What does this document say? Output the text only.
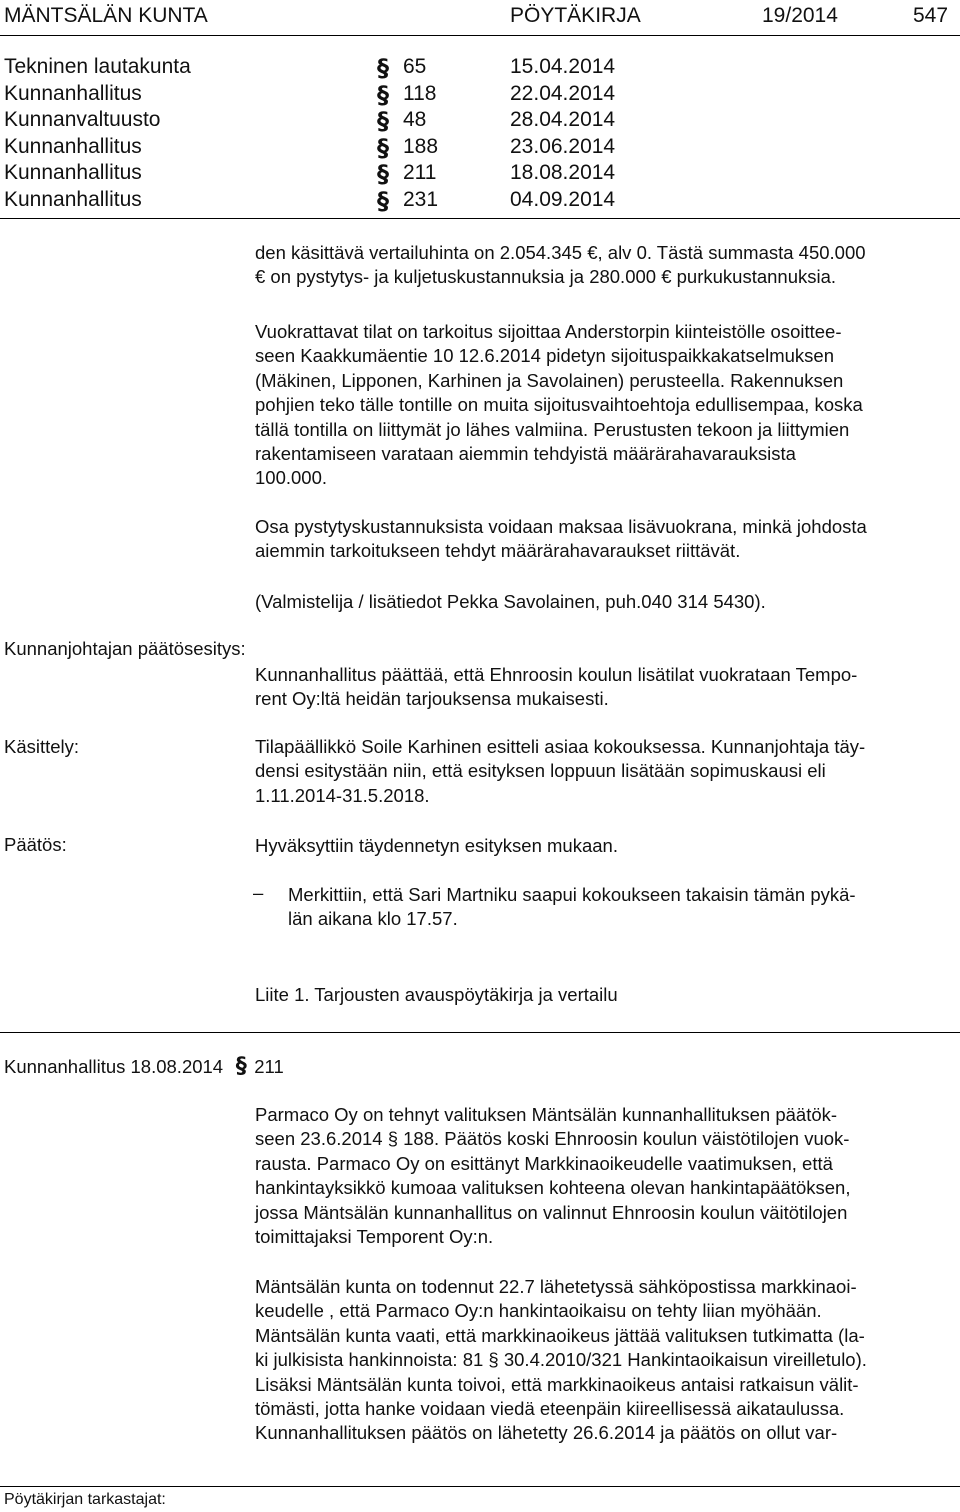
MÄNTSÄLÄN KUNTA	PÖYTÄKIRJA	19/2014	547
Tekninen lautakunta	§ 65	15.04.2014
Kunnanhallitus	§ 118	22.04.2014
Kunnanvaltuusto	§ 48	28.04.2014
Kunnanhallitus	§ 188	23.06.2014
Kunnanhallitus	§ 211	18.08.2014
Kunnanhallitus	§ 231	04.09.2014
den käsittävä vertailuhinta on 2.054.345 €, alv 0. Tästä summasta 450.000
€ on pystytys- ja kuljetuskustannuksia ja 280.000 € purkukustannuksia.
Vuokrattavat tilat on tarkoitus sijoittaa Anderstorpin kiinteistölle osoittee-
seen Kaakkumäentie 10 12.6.2014 pidetyn sijoituspaikkakatselmuksen
(Mäkinen, Lipponen, Karhinen ja Savolainen) perusteella. Rakennuksen
pohjien teko tälle tontille on muita sijoitusvaihtoehtoja edullisempaa, koska
tällä tontilla on liittymät jo lähes valmiina. Perustusten tekoon ja liittymien
rakentamiseen varataan aiemmin tehdyistä määrärahavarauksista
100.000.
Osa pystytyskustannuksista voidaan maksaa lisävuokrana, minkä johdosta
aiemmin tarkoitukseen tehdyt määrärahavaraukset riittävät.
(Valmistelija / lisätiedot Pekka Savolainen, puh.040 314 5430).
Kunnanjohtajan päätösesitys:
Kunnanhallitus päättää, että Ehnroosin koulun lisätilat vuokrataan Tempo-
rent Oy:ltä heidän tarjouksensa mukaisesti.
Käsittely:	Tilapäällikkö Soile Karhinen esitteli asiaa kokouksessa. Kunnanjohtaja täy-
densi esitystään niin, että esityksen loppuun lisätään sopimuskausi eli
1.11.2014-31.5.2018.
Päätös:	Hyväksyttiin täydennetyn esityksen mukaan.
– Merkittiin, että Sari Martniku saapui kokoukseen takaisin tämän pykä-
län aikana klo 17.57.
Liite 1. Tarjousten avauspöytäkirja ja vertailu
Kunnanhallitus 18.08.2014 § 211
Parmaco Oy on tehnyt valituksen Mäntsälän kunnanhallituksen päätök-
seen 23.6.2014 § 188. Päätös koski Ehnroosin koulun väistötilojen vuok-
rausta. Parmaco Oy on esittänyt Markkinaoikeudelle vaatimuksen, että
hankintayksikkö kumoaa valituksen kohteena olevan hankintapäätöksen,
jossa Mäntsälän kunnanhallitus on valinnut Ehnroosin koulun väitötilojen
toimittajaksi Temporent Oy:n.
Mäntsälän kunta on todennut 22.7 lähetetyssä sähköpostissa markkinaoi-
keudelle , että Parmaco Oy:n hankintaoikaisu on tehty liian myöhään.
Mäntsälän kunta vaati, että markkinaoikeus jättää valituksen tutkimatta (la-
ki julkisista hankinnoista: 81 § 30.4.2010/321 Hankintaoikaisun vireilletulo).
Lisäksi Mäntsälän kunta toivoi, että markkinaoikeus antaisi ratkaisun välit-
tömästi, jotta hanke voidaan viedä eteenpäin kiireellisessä aikataulussa.
Kunnanhallituksen päätös on lähetetty 26.6.2014 ja päätös on ollut var-
Pöytäkirjan tarkastajat:
